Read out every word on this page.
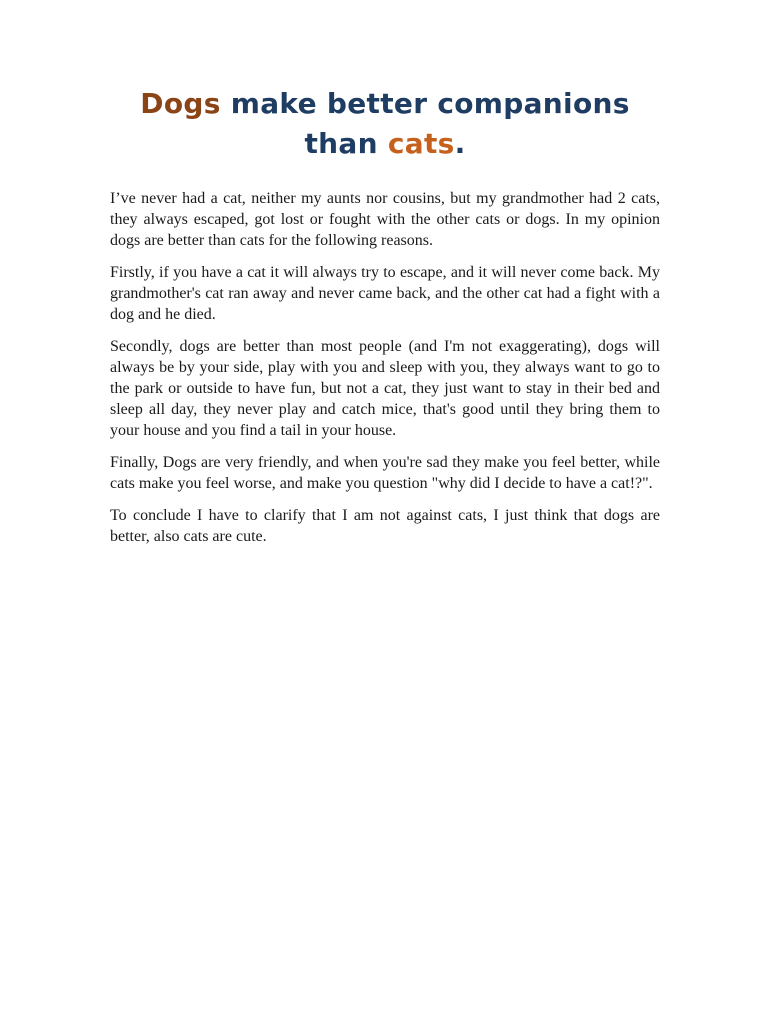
Dogs make better companions
than cats.

I’ve never had a cat, neither my aunts nor cousins, but my grandmother had 2 cats, they always escaped, got lost or fought with the other cats or dogs. In my opinion dogs are better than cats for the following reasons.

Firstly, if you have a cat it will always try to escape, and it will never come back. My grandmother's cat ran away and never came back, and the other cat had a fight with a dog and he died.

Secondly, dogs are better than most people (and I'm not exaggerating), dogs will always be by your side, play with you and sleep with you, they always want to go to the park or outside to have fun, but not a cat, they just want to stay in their bed and sleep all day, they never play and catch mice, that's good until they bring them to your house and you find a tail in your house.

Finally, Dogs are very friendly, and when you're sad they make you feel better, while cats make you feel worse, and make you question "why did I decide to have a cat!?".

To conclude I have to clarify that I am not against cats, I just think that dogs are better, also cats are cute.
